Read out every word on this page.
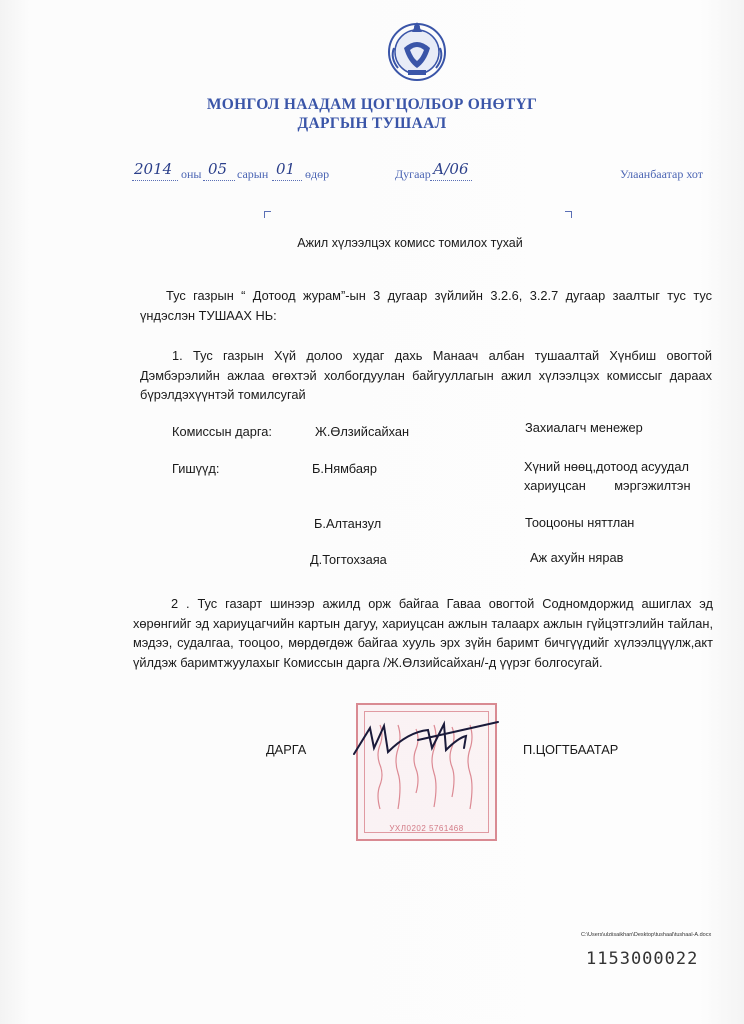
МОНГОЛ НААДАМ ЦОГЦОЛБОР ОНӨТҮГ
ДАРГЫН ТУШААЛ
2014 оны 05 сарын 01 өдөр	Дугаар А/06	Улаанбаатар хот
Ажил хүлээлцэх комисс томилох тухай
Тус газрын “ Дотоод журам”-ын 3 дугаар зүйлийн 3.2.6, 3.2.7 дугаар заалтыг тус тус үндэслэн ТУШААХ НЬ:
1. Тус газрын Хүй долоо худаг дахь Манаач албан тушаалтай Хүнбиш овогтой Дэмбэрэлийн ажлаа өгөхтэй холбогдуулан байгууллагын ажил хүлээлцэх комиссыг дараах бүрэлдэхүүнтэй томилсугай
Комиссын дарга:	Ж.Өлзийсайхан	Захиалагч менежер
Гишүүд:	Б.Нямбаяр	Хүний нөөц,дотоод асуудал
хариуцсан        мэргэжилтэн
Б.Алтанзул	Тооцооны няттлан
Д.Тогтохзаяа	Аж ахуйн нярав
2 . Тус газарт шинээр ажилд орж байгаа Гаваа овогтой Содномдоржид ашиглах эд хөрөнгийг эд хариуцагчийн картын дагуу, хариуцсан ажлын талаарх ажлын гүйцэтгэлийн тайлан, мэдээ, судалгаа, тооцоо, мөрдөгдөж байгаа хууль эрх зүйн баримт бичгүүдийг хүлээлцүүлж,акт үйлдэж баримтжуулахыг Комиссын дарга /Ж.Өлзийсайхан/-д үүрэг болгосугай.
УХЛ0202 5761468
ДАРГА	П.ЦОГТБААТАР
C:\Users\ulziisaikhan\Desktop\tushaal\tushaal-A.docx
1153000022
